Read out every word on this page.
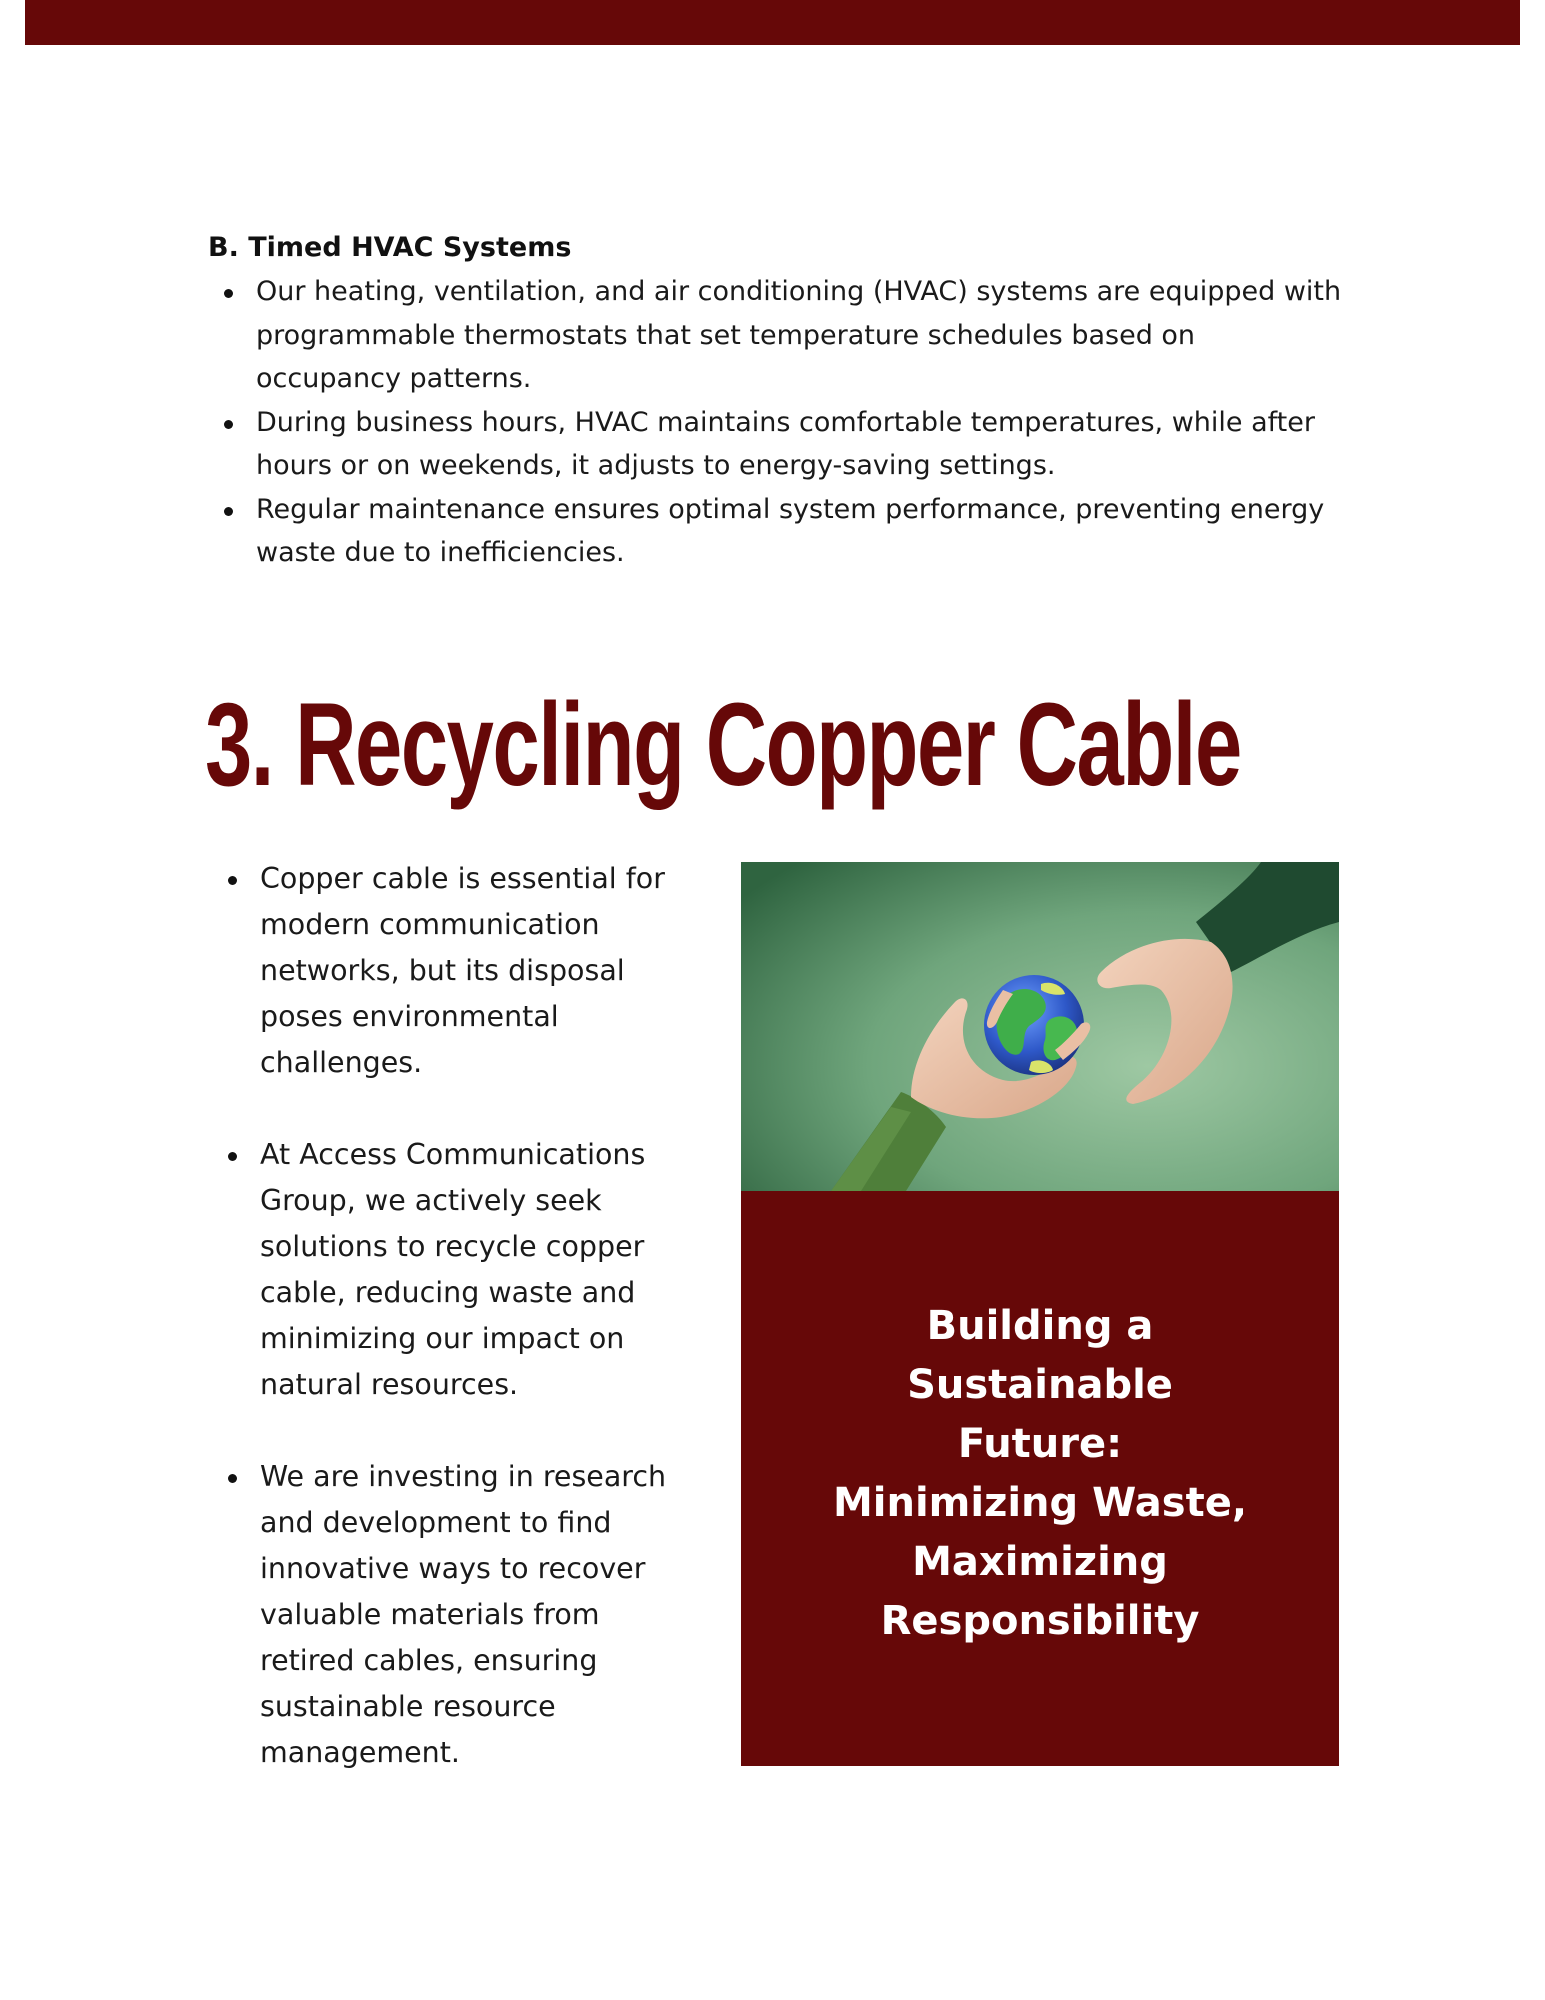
B. Timed HVAC Systems
Our heating, ventilation, and air conditioning (HVAC) systems are equipped with programmable thermostats that set temperature schedules based on occupancy patterns.
During business hours, HVAC maintains comfortable temperatures, while after hours or on weekends, it adjusts to energy-saving settings.
Regular maintenance ensures optimal system performance, preventing energy waste due to inefficiencies.
3. Recycling Copper Cable
Copper cable is essential for modern communication networks, but its disposal poses environmental challenges.
At Access Communications Group, we actively seek solutions to recycle copper cable, reducing waste and minimizing our impact on natural resources.
We are investing in research and development to find innovative ways to recover valuable materials from retired cables, ensuring sustainable resource management.
Building a Sustainable Future: Minimizing Waste, Maximizing Responsibility
